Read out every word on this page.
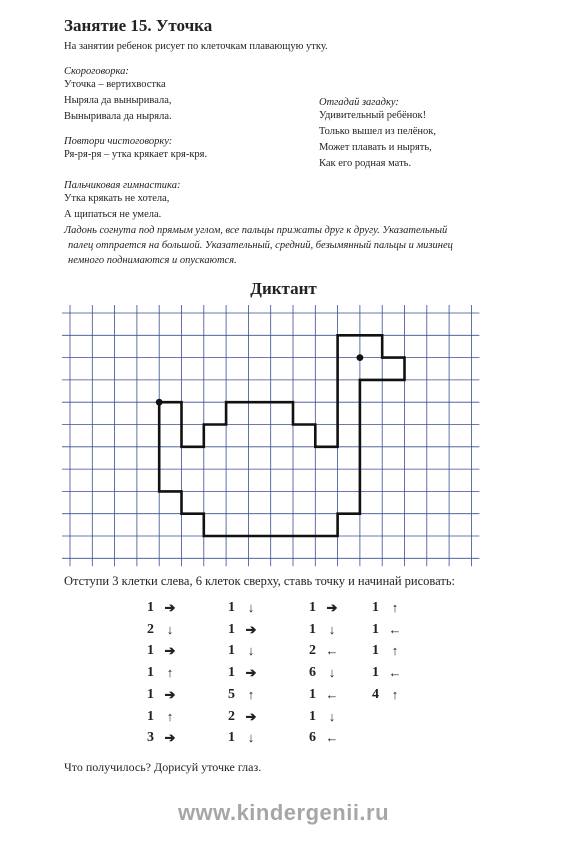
Занятие 15. Уточка
На занятии ребенок рисует по клеточкам плавающую утку.
Скороговорка:
Уточка – вертихвостка
Ныряла да выныривала,
Выныривала да ныряла.
Повтори чистоговорку:
Ря-ря-ря – утка крякает кря-кря.
Отгадай загадку:
Удивительный ребёнок!
Только вышел из пелёнок,
Может плавать и нырять,
Как его родная мать.
Пальчиковая гимнастика:
Утка крякать не хотела,
А щипаться не умела.
Ладонь согнута под прямым углом, все пальцы прижаты друг к другу. Указательный
палец отпрается на большой. Указательный, средний, безымянный пальцы и мизинец
немного поднимаются и опускаются.
Диктант
Отступи 3 клетки слева, 6 клеток сверху, ставь точку и начинай рисовать:
1 ➔
2 ↓
1 ➔
1 ↑
1 ➔
1 ↑
3 ➔
1 ↓
1 ➔
1 ↓
1 ➔
5 ↑
2 ➔
1 ↓
1 ➔
1 ↓
2 ←
6 ↓
1 ←
1 ↓
6 ←
1 ↑
1 ←
1 ↑
1 ←
4 ↑
Что получилось? Дорисуй уточке глаз.
www.kindergenii.ru
